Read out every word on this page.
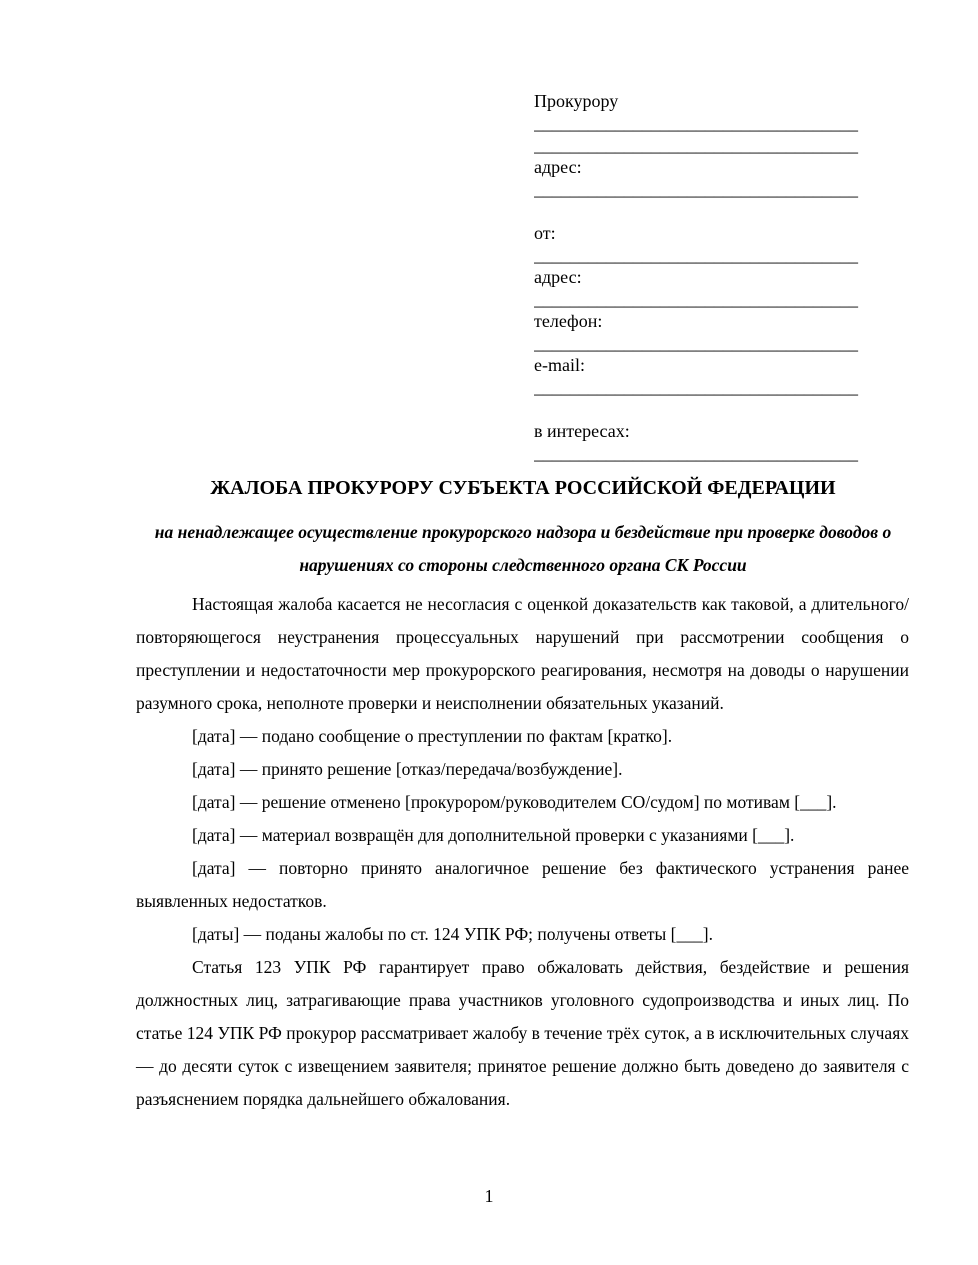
Прокурору
____________________________________
____________________________________
адрес:
____________________________________
от:
____________________________________
адрес:
____________________________________
телефон:
____________________________________
e-mail:
____________________________________
в интересах:
____________________________________
ЖАЛОБА ПРОКУРОРУ СУБЪЕКТА РОССИЙСКОЙ ФЕДЕРАЦИИ
на ненадлежащее осуществление прокурорского надзора и бездействие при проверке доводов о нарушениях со стороны следственного органа СК России

Настоящая жалоба касается не несогласия с оценкой доказательств как таковой, а длительного/повторяющегося неустранения процессуальных нарушений при рассмотрении сообщения о преступлении и недостаточности мер прокурорского реагирования, несмотря на доводы о нарушении разумного срока, неполноте проверки и неисполнении обязательных указаний.

[дата] — подано сообщение о преступлении по фактам [кратко].

[дата] — принято решение [отказ/передача/возбуждение].

[дата] — решение отменено [прокурором/руководителем СО/судом] по мотивам [___].

[дата] — материал возвращён для дополнительной проверки с указаниями [___].

[дата] — повторно принято аналогичное решение без фактического устранения ранее выявленных недостатков.

[даты] — поданы жалобы по ст. 124 УПК РФ; получены ответы [___].

Статья 123 УПК РФ гарантирует право обжаловать действия, бездействие и решения должностных лиц, затрагивающие права участников уголовного судопроизводства и иных лиц. По статье 124 УПК РФ прокурор рассматривает жалобу в течение трёх суток, а в исключительных случаях — до десяти суток с извещением заявителя; принятое решение должно быть доведено до заявителя с разъяснением порядка дальнейшего обжалования.

1
